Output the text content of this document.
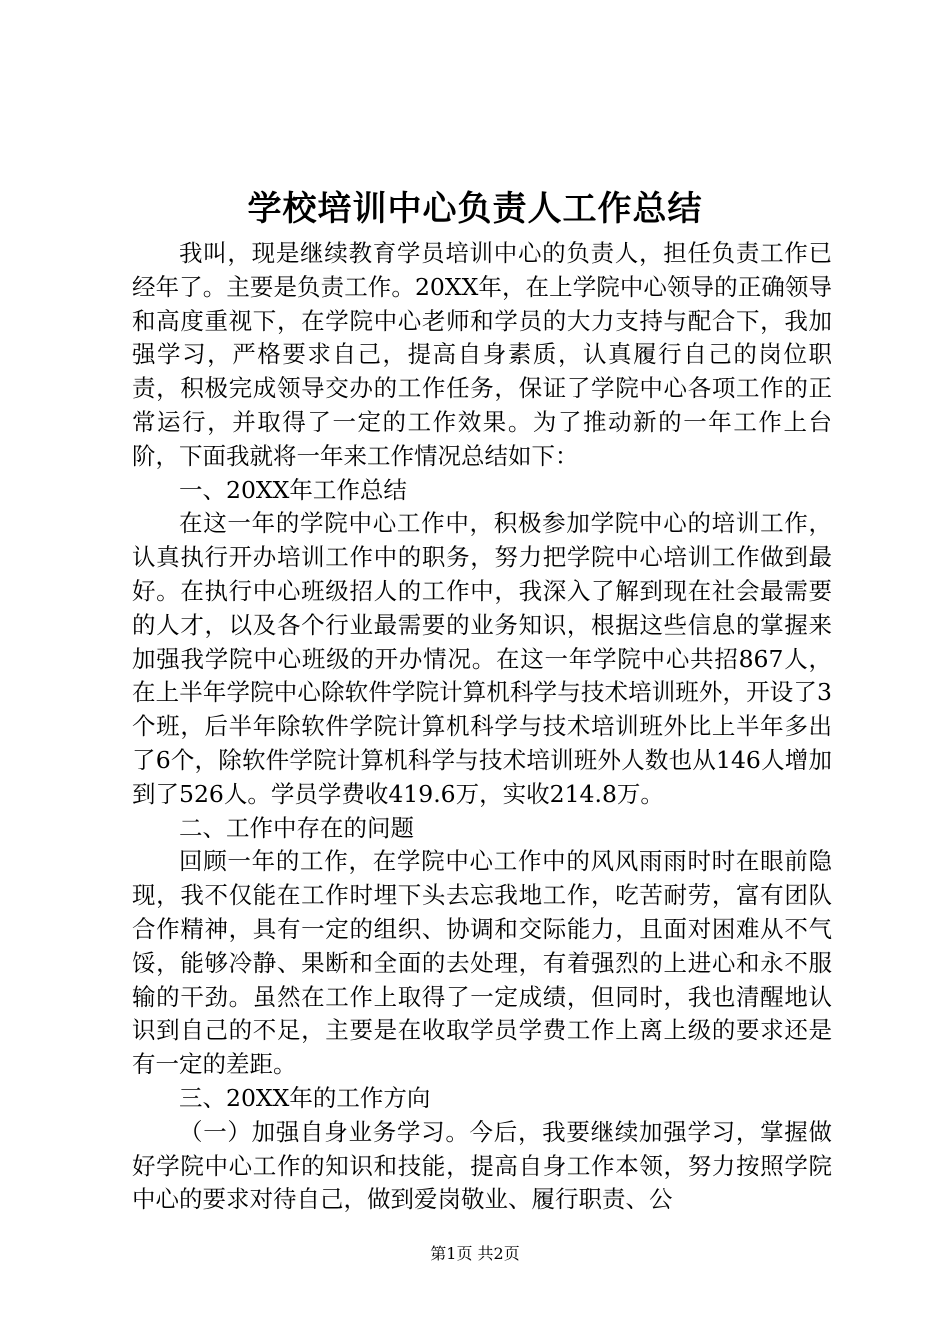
学校培训中心负责人工作总结

我叫，现是继续教育学员培训中心的负责人，担任负责工作已经年了。主要是负责工作。20XX年，在上学院中心领导的正确领导和高度重视下，在学院中心老师和学员的大力支持与配合下，我加强学习，严格要求自己，提高自身素质，认真履行自己的岗位职责，积极完成领导交办的工作任务，保证了学院中心各项工作的正常运行，并取得了一定的工作效果。为了推动新的一年工作上台阶，下面我就将一年来工作情况总结如下：

一、20XX年工作总结

在这一年的学院中心工作中，积极参加学院中心的培训工作，认真执行开办培训工作中的职务，努力把学院中心培训工作做到最好。在执行中心班级招人的工作中，我深入了解到现在社会最需要的人才，以及各个行业最需要的业务知识，根据这些信息的掌握来加强我学院中心班级的开办情况。在这一年学院中心共招867人，在上半年学院中心除软件学院计算机科学与技术培训班外，开设了3个班，后半年除软件学院计算机科学与技术培训班外比上半年多出了6个，除软件学院计算机科学与技术培训班外人数也从146人增加到了526人。学员学费收419.6万，实收214.8万。

二、工作中存在的问题

回顾一年的工作，在学院中心工作中的风风雨雨时时在眼前隐现，我不仅能在工作时埋下头去忘我地工作，吃苦耐劳，富有团队合作精神，具有一定的组织、协调和交际能力，且面对困难从不气馁，能够冷静、果断和全面的去处理，有着强烈的上进心和永不服输的干劲。虽然在工作上取得了一定成绩，但同时，我也清醒地认识到自己的不足，主要是在收取学员学费工作上离上级的要求还是有一定的差距。

三、20XX年的工作方向

（一）加强自身业务学习。今后，我要继续加强学习，掌握做好学院中心工作的知识和技能，提高自身工作本领，努力按照学院中心的要求对待自己，做到爱岗敬业、履行职责、公

第1页 共2页
